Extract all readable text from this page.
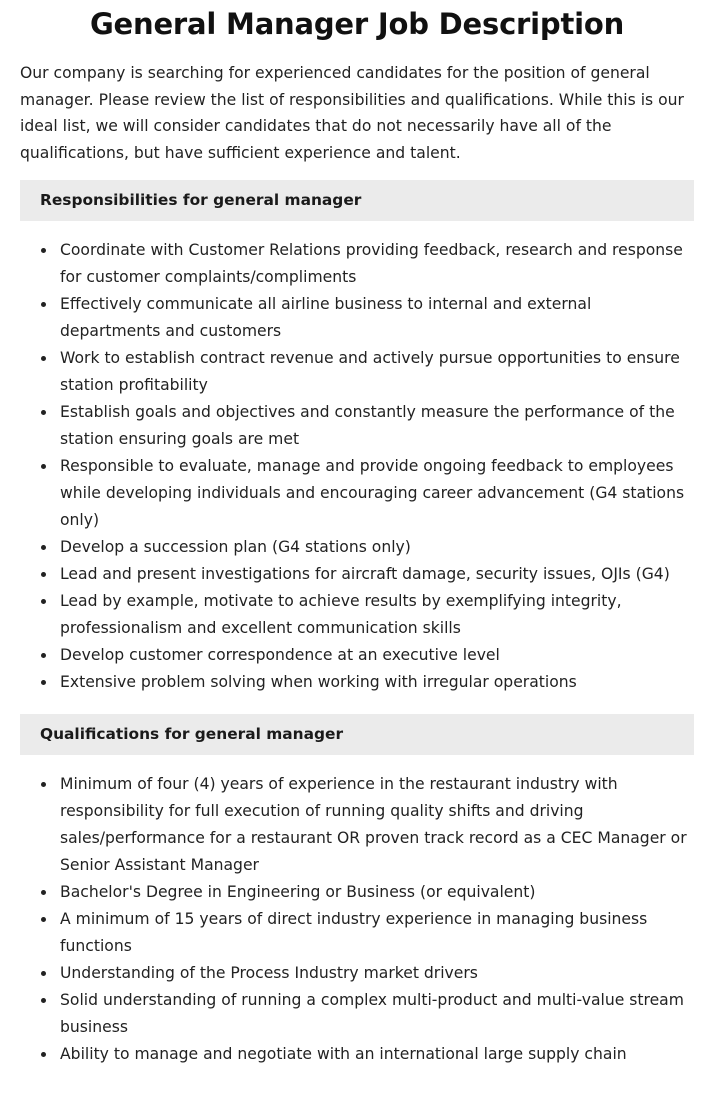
General Manager Job Description

Our company is searching for experienced candidates for the position of general manager. Please review the list of responsibilities and qualifications. While this is our ideal list, we will consider candidates that do not necessarily have all of the qualifications, but have sufficient experience and talent.

Responsibilities for general manager
Coordinate with Customer Relations providing feedback, research and response for customer complaints/compliments
Effectively communicate all airline business to internal and external departments and customers
Work to establish contract revenue and actively pursue opportunities to ensure station profitability
Establish goals and objectives and constantly measure the performance of the station ensuring goals are met
Responsible to evaluate, manage and provide ongoing feedback to employees while developing individuals and encouraging career advancement (G4 stations only)
Develop a succession plan (G4 stations only)
Lead and present investigations for aircraft damage, security issues, OJIs (G4)
Lead by example, motivate to achieve results by exemplifying integrity, professionalism and excellent communication skills
Develop customer correspondence at an executive level
Extensive problem solving when working with irregular operations
Qualifications for general manager
Minimum of four (4) years of experience in the restaurant industry with responsibility for full execution of running quality shifts and driving sales/performance for a restaurant OR proven track record as a CEC Manager or Senior Assistant Manager
Bachelor's Degree in Engineering or Business (or equivalent)
A minimum of 15 years of direct industry experience in managing business functions
Understanding of the Process Industry market drivers
Solid understanding of running a complex multi-product and multi-value stream business
Ability to manage and negotiate with an international large supply chain
